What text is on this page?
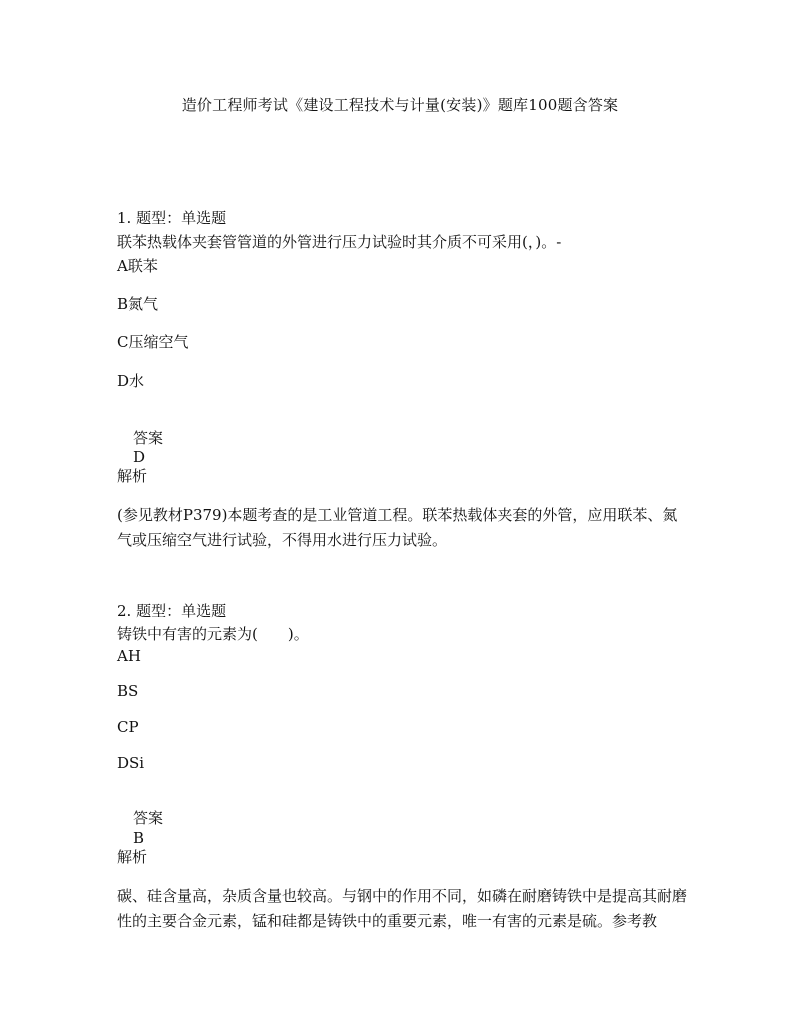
造价工程师考试《建设工程技术与计量(安装)》题库100题含答案
1. 题型：单选题
联苯热载体夹套管管道的外管进行压力试验时其介质不可采用(，)。-
A联苯
B氮气
C压缩空气
D水
答案
D
解析
(参见教材P379)本题考查的是工业管道工程。联苯热载体夹套的外管，应用联苯、氮气或压缩空气进行试验，不得用水进行压力试验。
2. 题型：单选题
铸铁中有害的元素为(　　)。
AH
BS
CP
DSi
答案
B
解析
碳、硅含量高，杂质含量也较高。与钢中的作用不同，如磷在耐磨铸铁中是提高其耐磨性的主要合金元素，锰和硅都是铸铁中的重要元素，唯一有害的元素是硫。参考教
